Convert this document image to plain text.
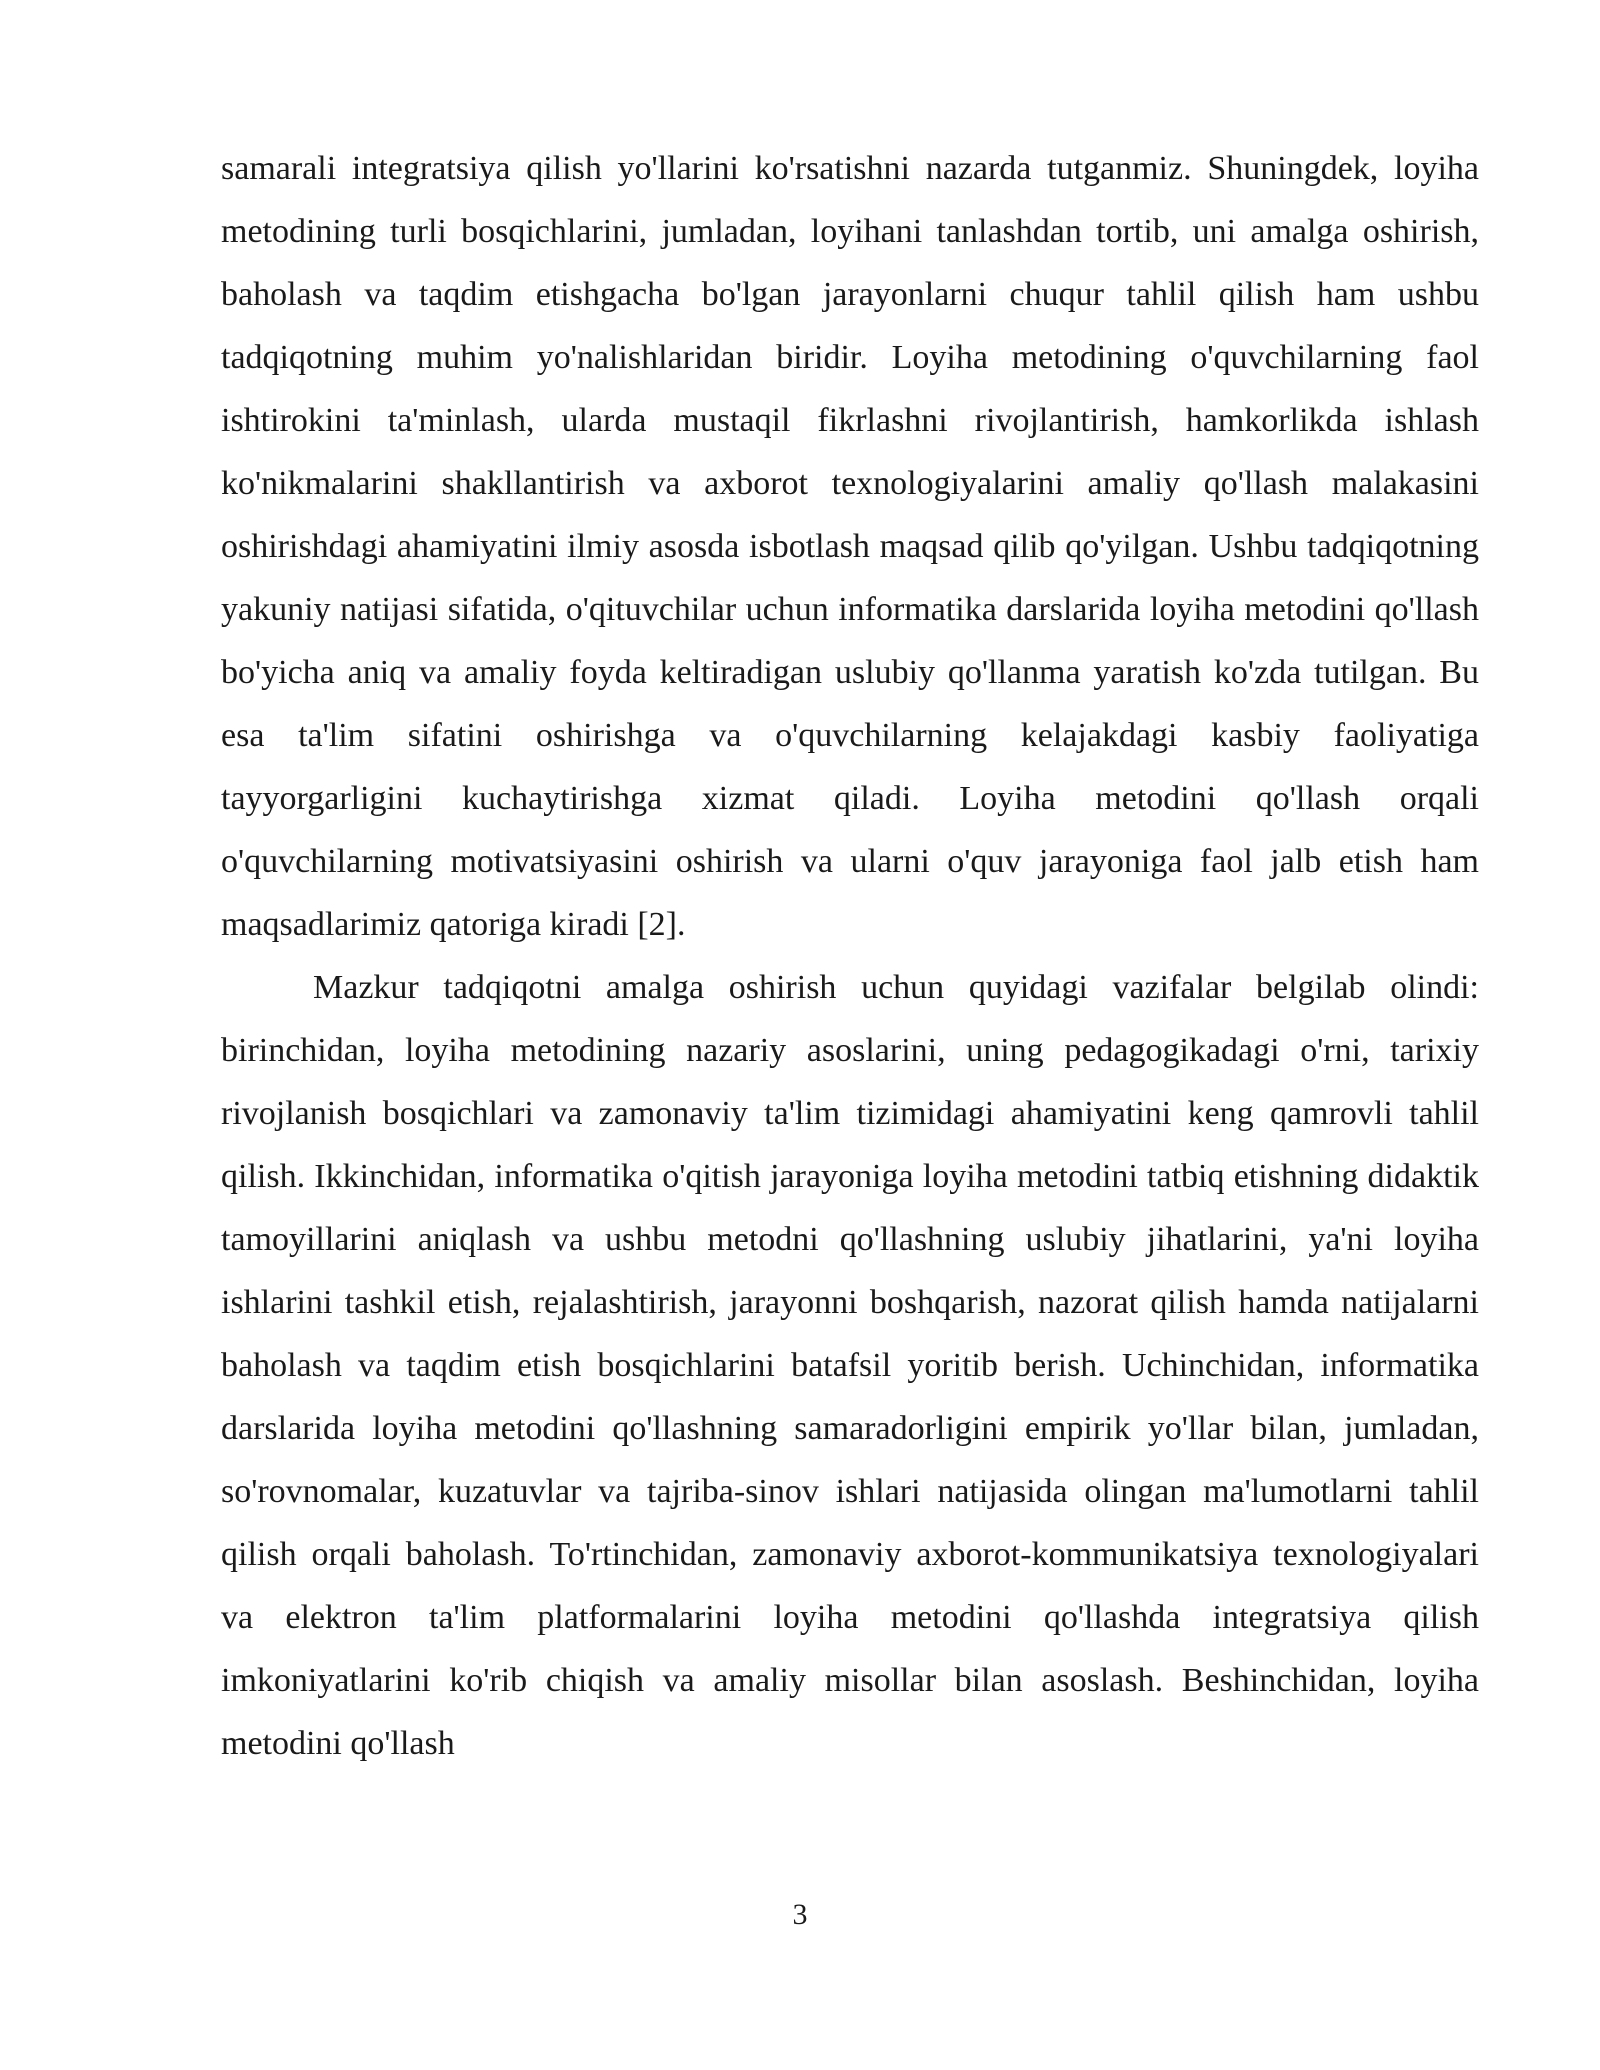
samarali integratsiya qilish yo'llarini ko'rsatishni nazarda tutganmiz. Shuningdek, loyiha metodining turli bosqichlarini, jumladan, loyihani tanlashdan tortib, uni amalga oshirish, baholash va taqdim etishgacha bo'lgan jarayonlarni chuqur tahlil qilish ham ushbu tadqiqotning muhim yo'nalishlaridan biridir. Loyiha metodining o'quvchilarning faol ishtirokini ta'minlash, ularda mustaqil fikrlashni rivojlantirish, hamkorlikda ishlash ko'nikmalarini shakllantirish va axborot texnologiyalarini amaliy qo'llash malakasini oshirishdagi ahamiyatini ilmiy asosda isbotlash maqsad qilib qo'yilgan. Ushbu tadqiqotning yakuniy natijasi sifatida, o'qituvchilar uchun informatika darslarida loyiha metodini qo'llash bo'yicha aniq va amaliy foyda keltiradigan uslubiy qo'llanma yaratish ko'zda tutilgan. Bu esa ta'lim sifatini oshirishga va o'quvchilarning kelajakdagi kasbiy faoliyatiga tayyorgarligini kuchaytirishga xizmat qiladi. Loyiha metodini qo'llash orqali o'quvchilarning motivatsiyasini oshirish va ularni o'quv jarayoniga faol jalb etish ham maqsadlarimiz qatoriga kiradi [2].

Mazkur tadqiqotni amalga oshirish uchun quyidagi vazifalar belgilab olindi: birinchidan, loyiha metodining nazariy asoslarini, uning pedagogikadagi o'rni, tarixiy rivojlanish bosqichlari va zamonaviy ta'lim tizimidagi ahamiyatini keng qamrovli tahlil qilish. Ikkinchidan, informatika o'qitish jarayoniga loyiha metodini tatbiq etishning didaktik tamoyillarini aniqlash va ushbu metodni qo'llashning uslubiy jihatlarini, ya'ni loyiha ishlarini tashkil etish, rejalashtirish, jarayonni boshqarish, nazorat qilish hamda natijalarni baholash va taqdim etish bosqichlarini batafsil yoritib berish. Uchinchidan, informatika darslarida loyiha metodini qo'llashning samaradorligini empirik yo'llar bilan, jumladan, so'rovnomalar, kuzatuvlar va tajriba-sinov ishlari natijasida olingan ma'lumotlarni tahlil qilish orqali baholash. To'rtinchidan, zamonaviy axborot-kommunikatsiya texnologiyalari va elektron ta'lim platformalarini loyiha metodini qo'llashda integratsiya qilish imkoniyatlarini ko'rib chiqish va amaliy misollar bilan asoslash. Beshinchidan, loyiha metodini qo'llash

3
